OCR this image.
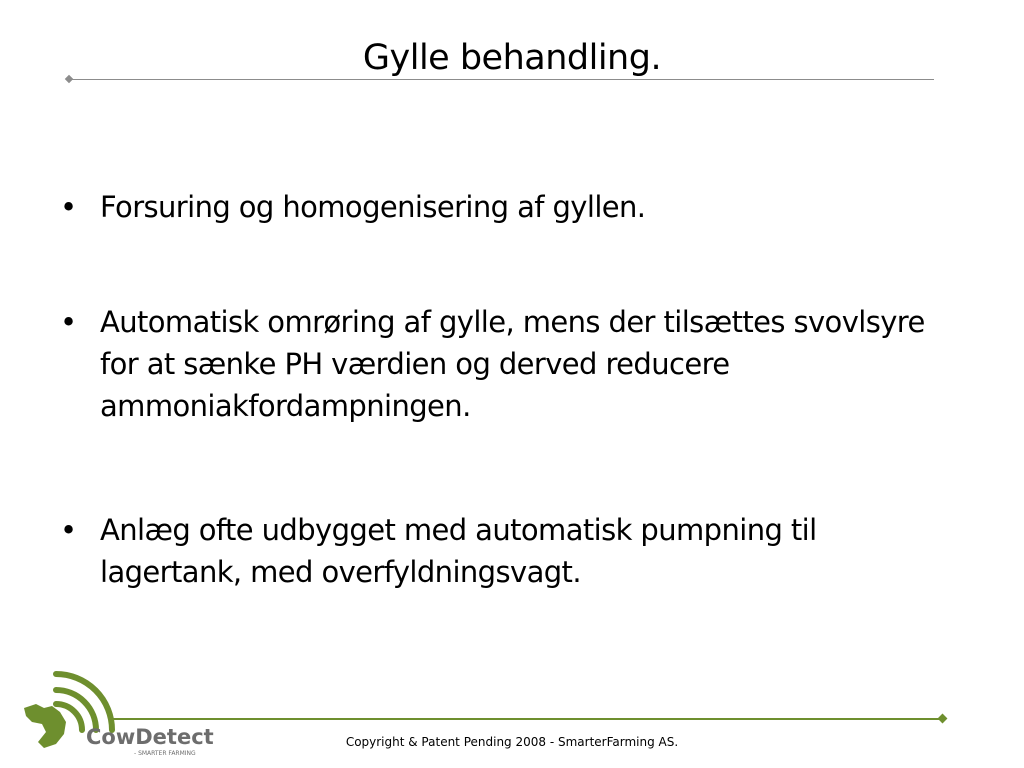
Gylle behandling.
• Forsuring og homogenisering af gyllen.
• Automatisk omrøring af gylle, mens der tilsættes svovlsyre for at sænke PH værdien og derved reducere ammoniakfordampningen.
• Anlæg ofte udbygget med automatisk pumpning til lagertank, med overfyldningsvagt.
CowDetect
- SMARTER FARMING
Copyright & Patent Pending 2008 - SmarterFarming AS.
